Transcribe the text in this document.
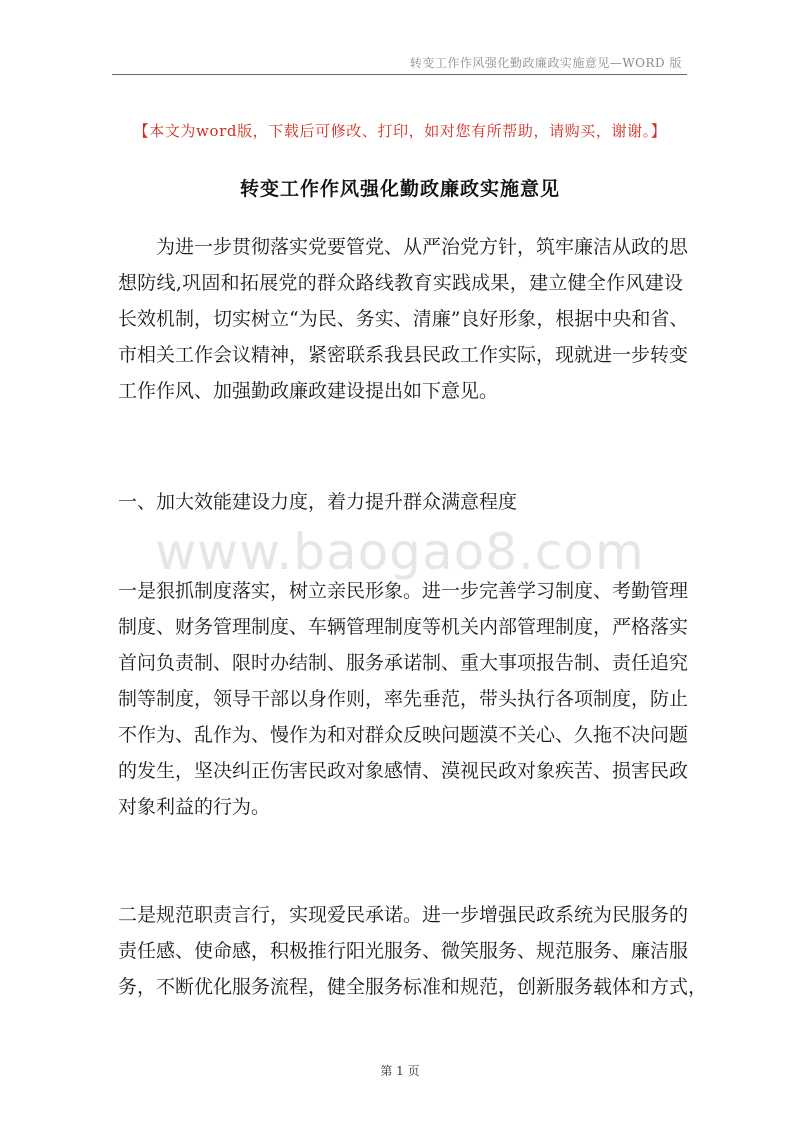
转变工作作风强化勤政廉政实施意见—WORD 版
【本文为word版，下载后可修改、打印，如对您有所帮助，请购买，谢谢。】
转变工作作风强化勤政廉政实施意见
为进一步贯彻落实党要管党、从严治党方针，筑牢廉洁从政的思
想防线,巩固和拓展党的群众路线教育实践成果，建立健全作风建设
长效机制，切实树立“为民、务实、清廉”良好形象，根据中央和省、
市相关工作会议精神，紧密联系我县民政工作实际，现就进一步转变
工作作风、加强勤政廉政建设提出如下意见。
一、加大效能建设力度，着力提升群众满意程度
www.baogao8.com
一是狠抓制度落实，树立亲民形象。进一步完善学习制度、考勤管理
制度、财务管理制度、车辆管理制度等机关内部管理制度，严格落实
首问负责制、限时办结制、服务承诺制、重大事项报告制、责任追究
制等制度，领导干部以身作则，率先垂范，带头执行各项制度，防止
不作为、乱作为、慢作为和对群众反映问题漠不关心、久拖不决问题
的发生，坚决纠正伤害民政对象感情、漠视民政对象疾苦、损害民政
对象利益的行为。
二是规范职责言行，实现爱民承诺。进一步增强民政系统为民服务的
责任感、使命感，积极推行阳光服务、微笑服务、规范服务、廉洁服
务，不断优化服务流程，健全服务标准和规范，创新服务载体和方式，
第 1 页
